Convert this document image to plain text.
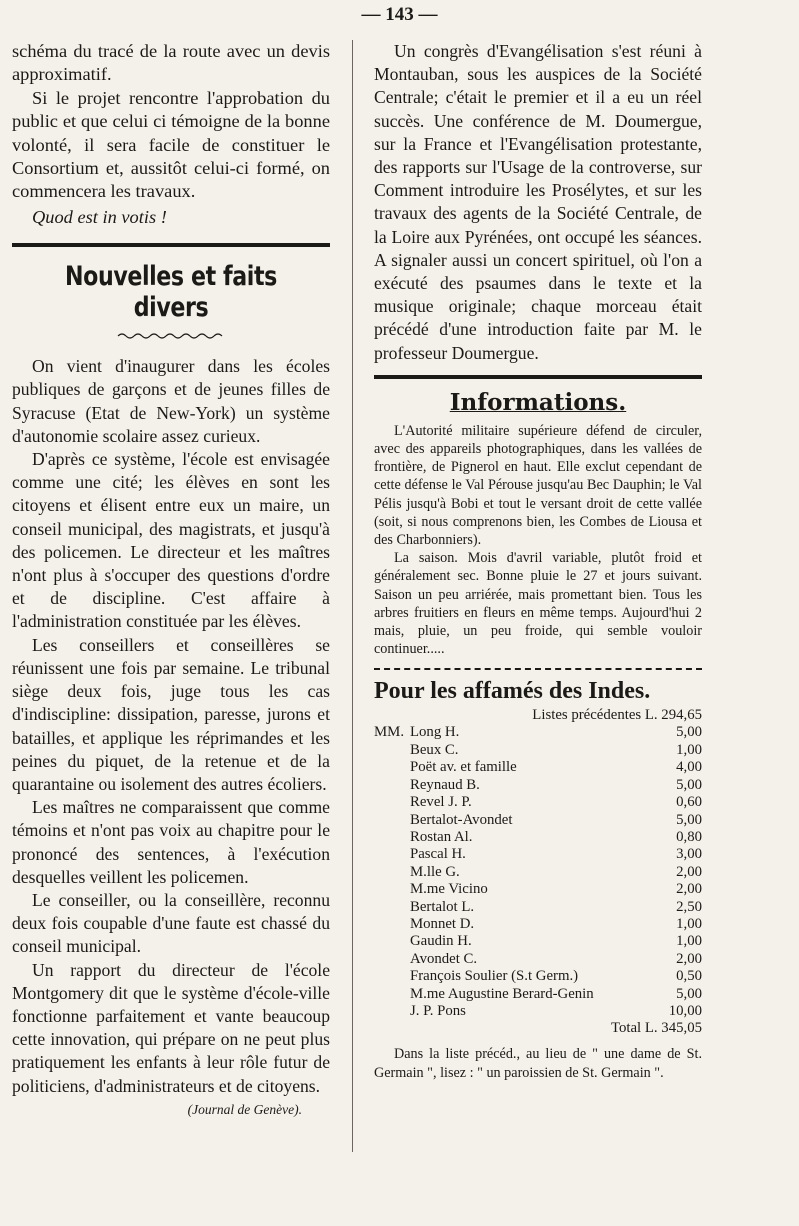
— 143 —

schéma du tracé de la route avec un devis approximatif.

Si le projet rencontre l'approbation du public et que celui ci témoigne de la bonne volonté, il sera facile de constituer le Consortium et, aussitôt celui-ci formé, on commencera les travaux.

Quod est in votis !

Nouvelles et faits divers

On vient d'inaugurer dans les écoles publiques de garçons et de jeunes filles de Syracuse (Etat de New-York) un système d'autonomie scolaire assez curieux.

D'après ce système, l'école est envisagée comme une cité; les élèves en sont les citoyens et élisent entre eux un maire, un conseil municipal, des magistrats, et jusqu'à des policemen. Le directeur et les maîtres n'ont plus à s'occuper des questions d'ordre et de discipline. C'est affaire à l'administration constituée par les élèves.

Les conseillers et conseillères se réunissent une fois par semaine. Le tribunal siège deux fois, juge tous les cas d'indiscipline: dissipation, paresse, jurons et batailles, et applique les réprimandes et les peines du piquet, de la retenue et de la quarantaine ou isolement des autres écoliers.

Les maîtres ne comparaissent que comme témoins et n'ont pas voix au chapitre pour le prononcé des sentences, à l'exécution desquelles veillent les policemen.

Le conseiller, ou la conseillère, reconnu deux fois coupable d'une faute est chassé du conseil municipal.

Un rapport du directeur de l'école Montgomery dit que le système d'école-ville fonctionne parfaitement et vante beaucoup cette innovation, qui prépare on ne peut plus pratiquement les enfants à leur rôle futur de politiciens, d'administrateurs et de citoyens.

(Journal de Genève).

Un congrès d'Evangélisation s'est réuni à Montauban, sous les auspices de la Société Centrale; c'était le premier et il a eu un réel succès. Une conférence de M. Doumergue, sur la France et l'Evangélisation protestante, des rapports sur l'Usage de la controverse, sur Comment introduire les Prosélytes, et sur les travaux des agents de la Société Centrale, de la Loire aux Pyrénées, ont occupé les séances. A signaler aussi un concert spirituel, où l'on a exécuté des psaumes dans le texte et la musique originale; chaque morceau était précédé d'une introduction faite par M. le professeur Doumergue.

Informations.

L'Autorité militaire supérieure défend de circuler, avec des appareils photographiques, dans les vallées de frontière, de Pignerol en haut. Elle exclut cependant de cette défense le Val Pérouse jusqu'au Bec Dauphin; le Val Pélis jusqu'à Bobi et tout le versant droit de cette vallée (soit, si nous comprenons bien, les Combes de Liousa et des Charbonniers).

La saison. Mois d'avril variable, plutôt froid et généralement sec. Bonne pluie le 27 et jours suivant. Saison un peu arriérée, mais promettant bien. Tous les arbres fruitiers en fleurs en même temps. Aujourd'hui 2 mais, pluie, un peu froide, qui semble vouloir continuer.....

Pour les affamés des Indes.
Listes précédentes L. 294,65
MM.	Long H.	5,00
	Beux C.	1,00
	Poët av. et famille	4,00
	Reynaud B.	5,00
	Revel J. P.	0,60
	Bertalot-Avondet	5,00
	Rostan Al.	0,80
	Pascal H.	3,00
	M.lle G.	2,00
	M.me Vicino	2,00
	Bertalot L.	2,50
	Monnet D.	1,00
	Gaudin H.	1,00
	Avondet C.	2,00
	François Soulier (S.t Germ.)	0,50
	M.me Augustine Berard-Genin	5,00
	J. P. Pons	10,00
Total L. 345,05

Dans la liste précéd., au lieu de " une dame de St. Germain ", lisez : " un paroissien de St. Germain ".
